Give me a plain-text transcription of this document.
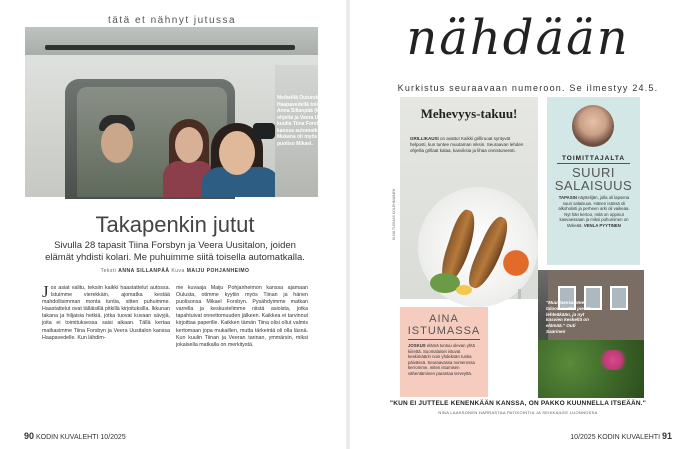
tätä et nähnyt jutussa
Meikeillä Outunda Haapavedellä toimittaja Anna Sillanpää (keskellä) ohjeita ja Veera Ustolan ja kuulla Tiina Forsbyn kanssa automatkalla. Mukana oli myös Tiinan puoliso Mikael.
Takapenkin jutut

Sivulla 28 tapasit Tiina Forsbyn ja Veera Uusitalon, joiden elämät yhdisti kolari. Me puhuimme siitä toisella automatkalla.

Teksti ANNA SILLANPÄÄ Kuva MAIJU POHJANHEIMO

J os asiat valitu, teksiin kaikki haastattelut autossa. Istuimme vierekkäin, ajomatka kestää mahdollisimman monta tuntia, sitten puhuimme. Haastattelut ovat tälläisillä pitkillä kirjoituksilla. Ikkunan takana ja hiljaisia hetkiä, jotka tuovat kuvaan sävyjä, joita ei toimituksessa saisi aikaan. Tällä kertaa matkasimme Tiina Forsbyn ja Veera Uusitalon kanssa Haapavedelle. Kun lähdim-
me kuvaaja Maiju Pohjanheimon kanssa ajamaan Oulusta, otimme kyytiin myös Tiinan ja hänen puolisonsa Mikael Forsbyn. Pysähdyimme matkan varrella ja keskustelimme niistä asioista, jotka tapahtuivat onnettomuuden jälkeen. Kaikkea ei tarvinnut kirjoittaa paperille. Kaikken tämän Tiina olisi ollut valmis kertomaan jopa mukaillen, mutta tärkeintä oli olla läsnä. Kun kuulin Tiinan ja Veeran tarinan, ymmärsin, miksi jokaisella matkalla on merkitystä.
90 KODIN KUVALEHTI 10/2025
nähdään
Kurkistus seuraavaan numeroon. Se ilmestyy 24.5.
Mehevyys-takuu!
GRILLIKAUSI on avattu! Kaikki grilliruoat syntyvät helposti, kun tuntee muutaman niksin. Seuraavan lehden ohjeilla grillaat kalaa, kasviksia ja lihaa onnistuneesti.
KUVA TUOMAS KOLEHMAINEN
TOIMITTAJALTA
SUURI SALAISUUS
TAPASIN näyttelijän, jolla oli lapsena suuri salaisuus. Hänen isänsä oli alkoholisti ja perheen arki oli vaikeaa. Nyt hän kertoo, mitä on oppinut kasvaessaan ja miksi puhuminen on tärkeää. VENLA PYYTINEN
"Muuttaessamme taloon ei ollut pientä lehteäkään, ja nyt kasvien keskellä on elämää." Outi Saarinen
AINA ISTUMASSA
JOSKUS elämä tuntuu olevan yhtä kiirettä. Suomalaiset istuvat keskimäärin noin yhdeksän tuntia päivässä. Seuraavassa numerossa kerromme, miten istumisen vähentäminen parantaa terveyttä.
"KUN EI JUTTELE KENENKÄÄN KANSSA, ON PAKKO KUUNNELLA ITSEÄÄN."
NINA LAAKSONEN HARRASTAA PATIKOINTIA JA SEIKKAILEE LUONNOSSA
10/2025 KODIN KUVALEHTI 91
